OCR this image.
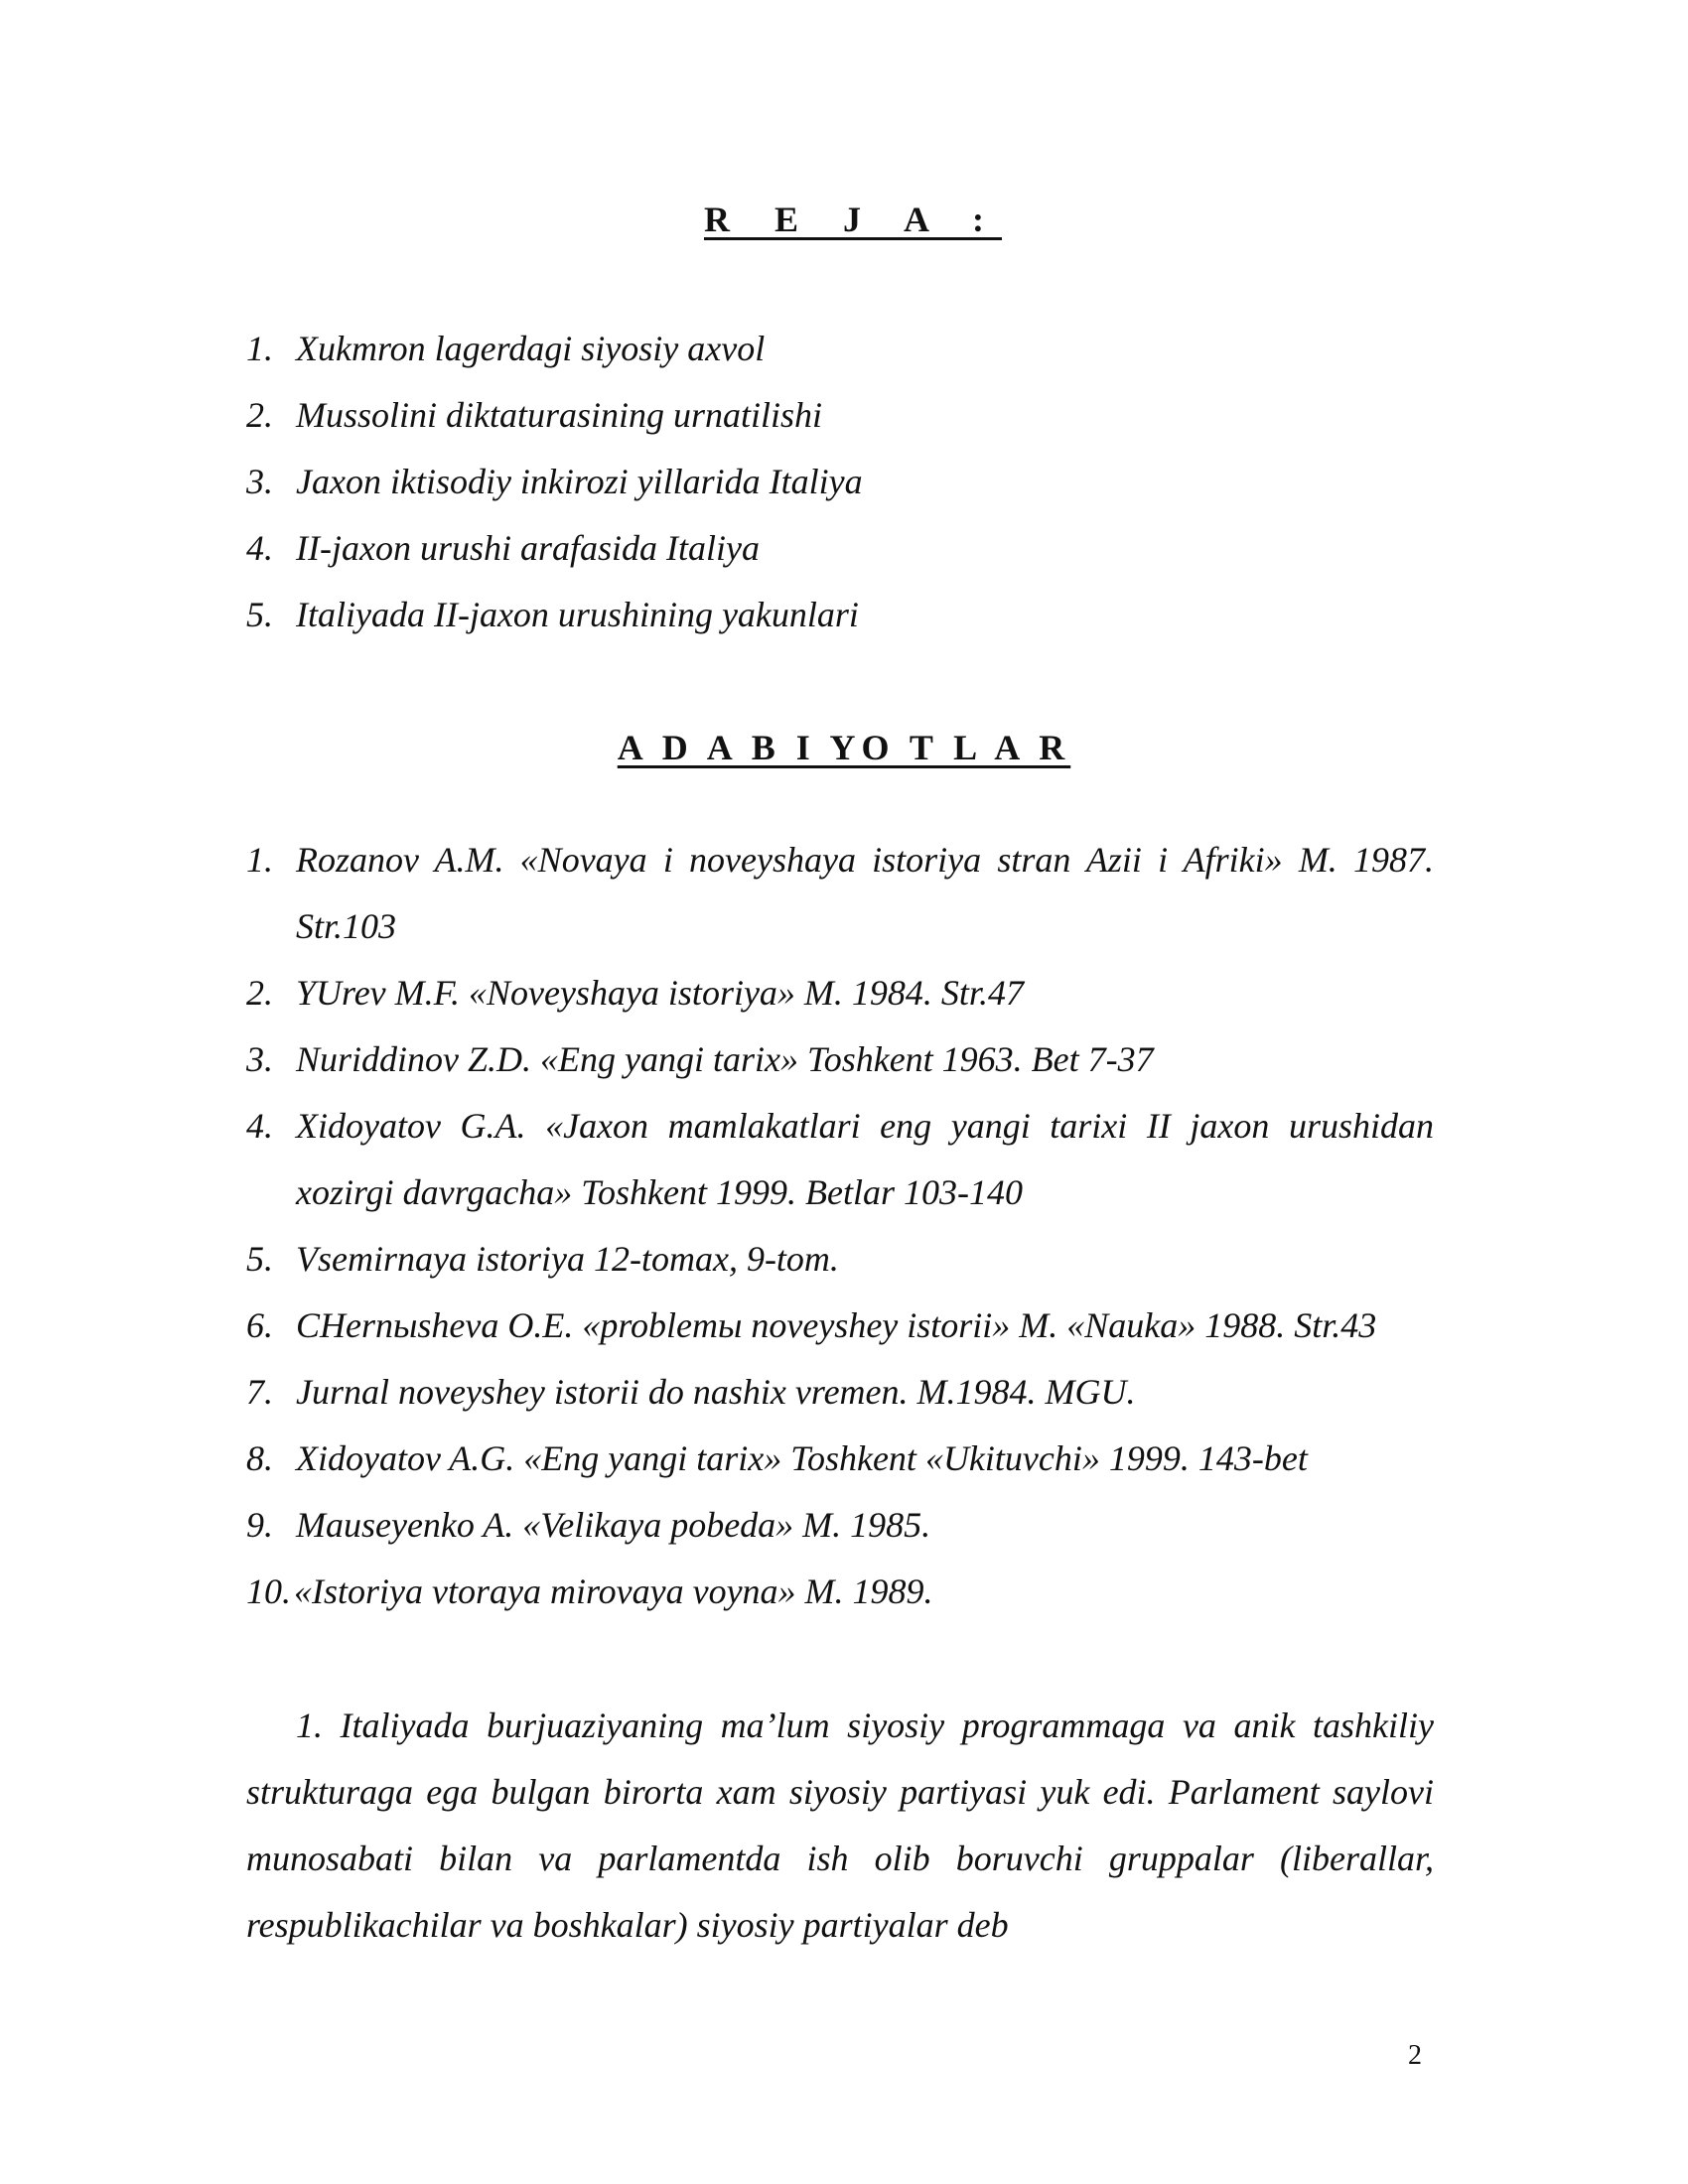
R E J A :
1. Xukmron lagerdagi siyosiy axvol
2. Mussolini diktaturasining urnatilishi
3. Jaxon iktisodiy inkirozi yillarida Italiya
4. II-jaxon urushi arafasida Italiya
5. Italiyada II-jaxon urushining yakunlari
A D A B I YO T L A R
1. Rozanov A.M. «Novaya i noveyshaya istoriya stran Azii i Afriki» M. 1987. Str.103
2. YUrev M.F. «Noveyshaya istoriya» M. 1984. Str.47
3. Nuriddinov Z.D. «Eng yangi tarix» Toshkent 1963. Bet 7-37
4. Xidoyatov G.A. «Jaxon mamlakatlari eng yangi tarixi II jaxon urushidan xozirgi davrgacha» Toshkent 1999. Betlar 103-140
5. Vsemirnaya istoriya 12-tomax, 9-tom.
6. CHernыsheva O.E. «problemы noveyshey istorii» M. «Nauka» 1988. Str.43
7. Jurnal noveyshey istorii do nashix vremen. M.1984. MGU.
8. Xidoyatov A.G. «Eng yangi tarix» Toshkent «Ukituvchi» 1999. 143-bet
9. Mauseyenko A. «Velikaya pobeda» M. 1985.
10. «Istoriya vtoraya mirovaya voyna» M. 1989.

1. Italiyada burjuaziyaning ma’lum siyosiy programmaga va anik tashkiliy strukturaga ega bulgan birorta xam siyosiy partiyasi yuk edi. Parlament saylovi munosabati bilan va parlamentda ish olib boruvchi gruppalar (liberallar, respublikachilar va boshkalar) siyosiy partiyalar deb

2
